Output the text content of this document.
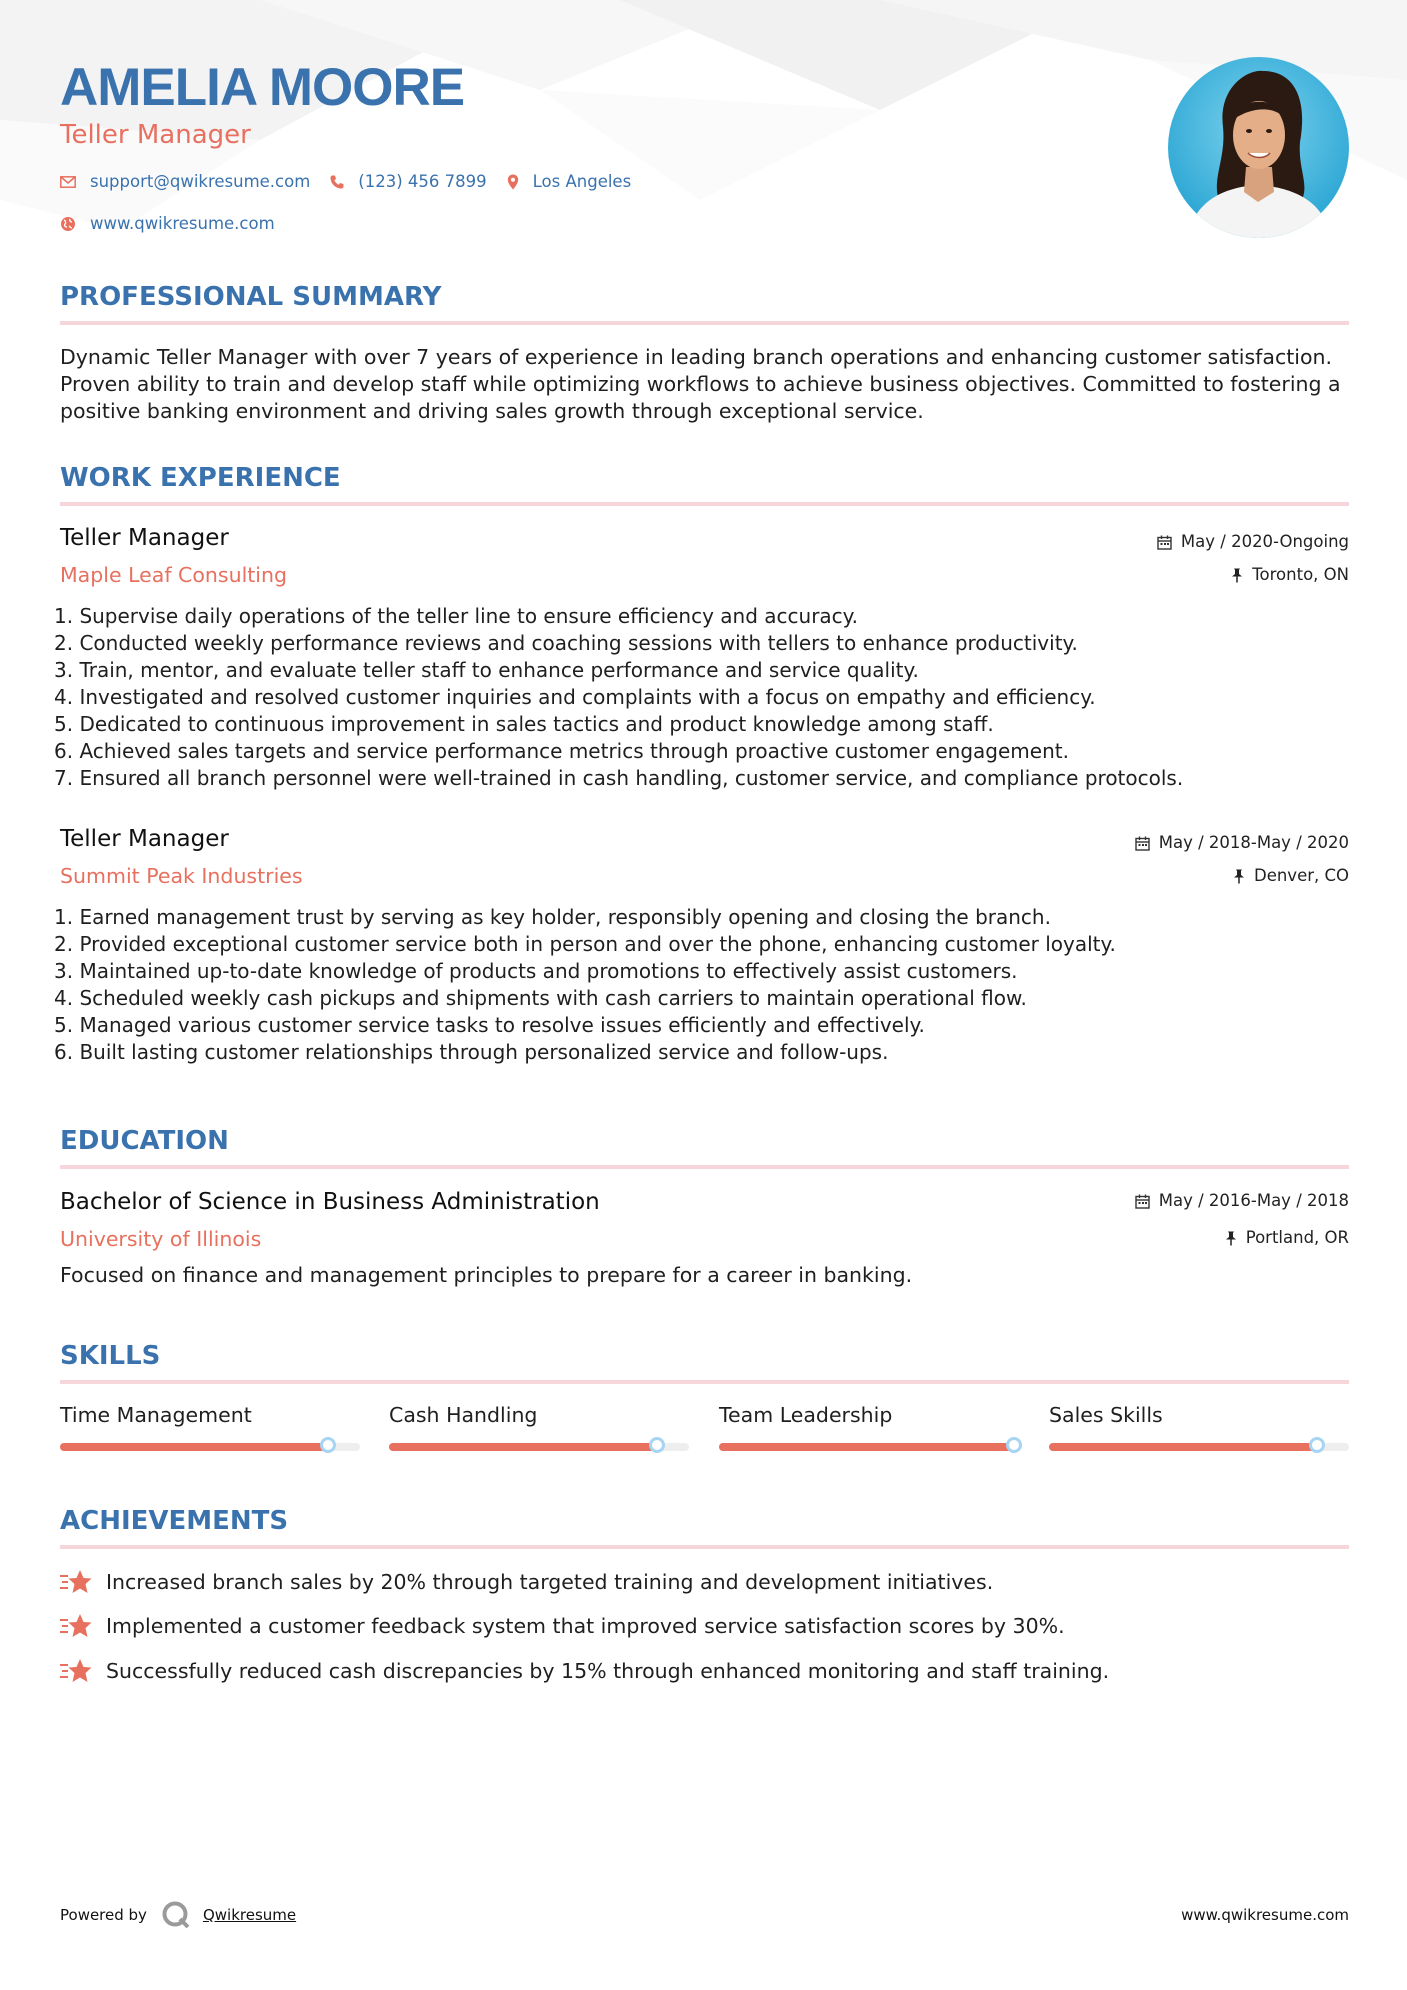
AMELIA MOORE
Teller Manager
support@qwikresume.com	(123) 456 7899	Los Angeles
www.qwikresume.com
PROFESSIONAL SUMMARY
Dynamic Teller Manager with over 7 years of experience in leading branch operations and enhancing customer satisfaction. Proven ability to train and develop staff while optimizing workflows to achieve business objectives. Committed to fostering a positive banking environment and driving sales growth through exceptional service.
WORK EXPERIENCE
Teller Manager
Maple Leaf Consulting
May / 2020-Ongoing
Toronto, ON
1. Supervise daily operations of the teller line to ensure efficiency and accuracy.
2. Conducted weekly performance reviews and coaching sessions with tellers to enhance productivity.
3. Train, mentor, and evaluate teller staff to enhance performance and service quality.
4. Investigated and resolved customer inquiries and complaints with a focus on empathy and efficiency.
5. Dedicated to continuous improvement in sales tactics and product knowledge among staff.
6. Achieved sales targets and service performance metrics through proactive customer engagement.
7. Ensured all branch personnel were well-trained in cash handling, customer service, and compliance protocols.
Teller Manager
Summit Peak Industries
May / 2018-May / 2020
Denver, CO
1. Earned management trust by serving as key holder, responsibly opening and closing the branch.
2. Provided exceptional customer service both in person and over the phone, enhancing customer loyalty.
3. Maintained up-to-date knowledge of products and promotions to effectively assist customers.
4. Scheduled weekly cash pickups and shipments with cash carriers to maintain operational flow.
5. Managed various customer service tasks to resolve issues efficiently and effectively.
6. Built lasting customer relationships through personalized service and follow-ups.
EDUCATION
Bachelor of Science in Business Administration
University of Illinois
May / 2016-May / 2018
Portland, OR
Focused on finance and management principles to prepare for a career in banking.
SKILLS
Time Management	Cash Handling	Team Leadership	Sales Skills
ACHIEVEMENTS
Increased branch sales by 20% through targeted training and development initiatives.
Implemented a customer feedback system that improved service satisfaction scores by 30%.
Successfully reduced cash discrepancies by 15% through enhanced monitoring and staff training.
Powered by	Qwikresume	www.qwikresume.com
